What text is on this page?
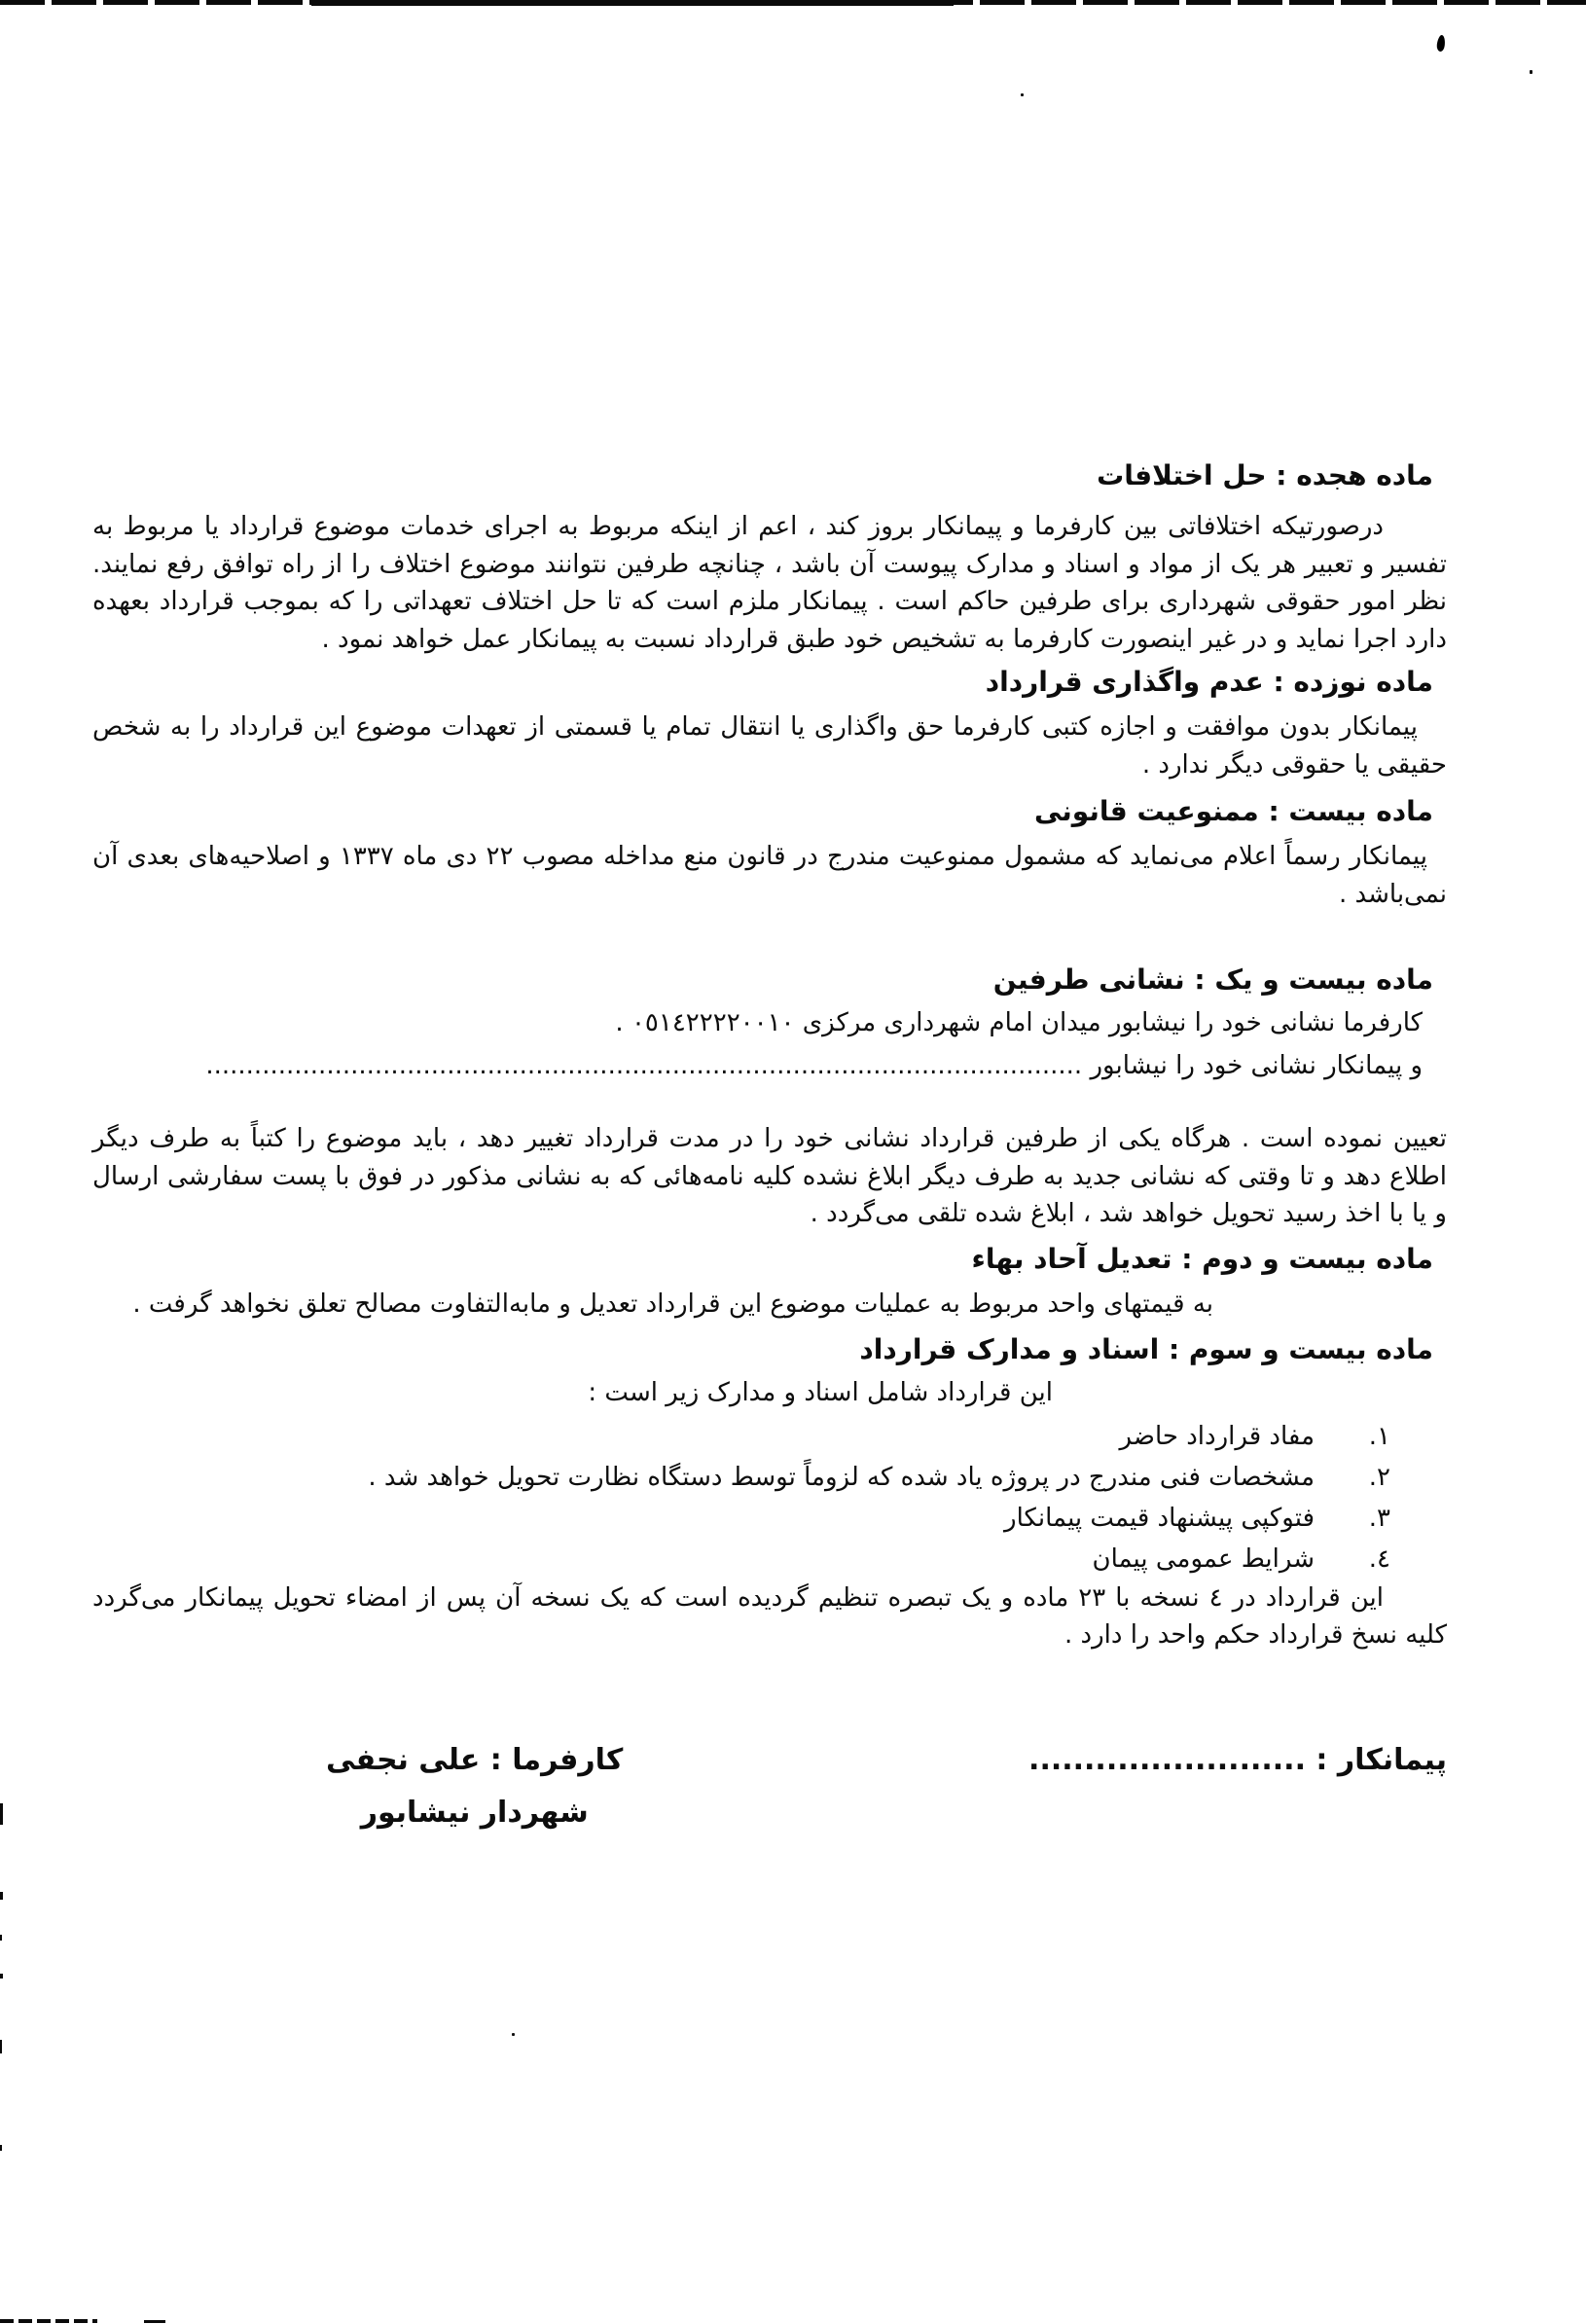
ماده هجده : حل اختلافات

درصورتیکه اختلافاتی بین کارفرما و پیمانکار بروز کند ، اعم از اینکه مربوط به اجرای خدمات موضوع قرارداد یا مربوط به تفسیر و تعبیر هر یک از مواد و اسناد و مدارک پیوست آن باشد ، چنانچه طرفین نتوانند موضوع اختلاف را از راه توافق رفع نمایند. نظر امور حقوقی شهرداری برای طرفین حاکم است . پیمانکار ملزم است که تا حل اختلاف تعهداتی را که بموجب قرارداد بعهده دارد اجرا نماید و در غیر اینصورت کارفرما به تشخیص خود طبق قرارداد نسبت به پیمانکار عمل خواهد نمود .

ماده نوزده : عدم واگذاری قرارداد

پیمانکار بدون موافقت و اجازه کتبی کارفرما حق واگذاری یا انتقال تمام یا قسمتی از تعهدات موضوع این قرارداد را به شخص حقیقی یا حقوقی دیگر ندارد .

ماده بیست : ممنوعیت قانونی

پیمانکار رسماً اعلام می‌نماید که مشمول ممنوعیت مندرج در قانون منع مداخله مصوب ٢٢ دی ماه ١٣٣٧ و اصلاحیه‌های بعدی آن نمی‌باشد .

ماده بیست و یک : نشانی طرفین
کارفرما نشانی خود را نیشابور میدان امام شهرداری مرکزی ٠٥١٤٢٢٢٢٠٠١٠ .
و پیمانکار نشانی خود را نیشابور .............................................................................................................

تعیین نموده است . هرگاه یکی از طرفین قرارداد نشانی خود را در مدت قرارداد تغییر دهد ، باید موضوع را کتباً به طرف دیگر اطلاع دهد و تا وقتی که نشانی جدید به طرف دیگر ابلاغ نشده کلیه نامه‌هائی که به نشانی مذکور در فوق با پست سفارشی ارسال و یا با اخذ رسید تحویل خواهد شد ، ابلاغ شده تلقی می‌گردد .

ماده بیست و دوم : تعدیل آحاد بهاء
به قیمتهای واحد مربوط به عملیات موضوع این قرارداد تعدیل و مابه‌التفاوت مصالح تعلق نخواهد گرفت .
ماده بیست و سوم : اسناد و مدارک قرارداد
این قرارداد شامل اسناد و مدارک زیر است :
١.
مفاد قرارداد حاضر
٢.
مشخصات فنی مندرج در پروژه یاد شده که لزوماً توسط دستگاه نظارت تحویل خواهد شد .
٣.
فتوکپی پیشنهاد قیمت پیمانکار
٤.
شرایط عمومی پیمان

این قرارداد در ٤ نسخه با ٢٣ ماده و یک تبصره تنظیم گردیده است که یک نسخه آن پس از امضاء تحویل پیمانکار می‌گردد کلیه نسخ قرارداد حکم واحد را دارد .

پیمانکار : .........................
کارفرما : علی نجفی
شهردار نیشابور
